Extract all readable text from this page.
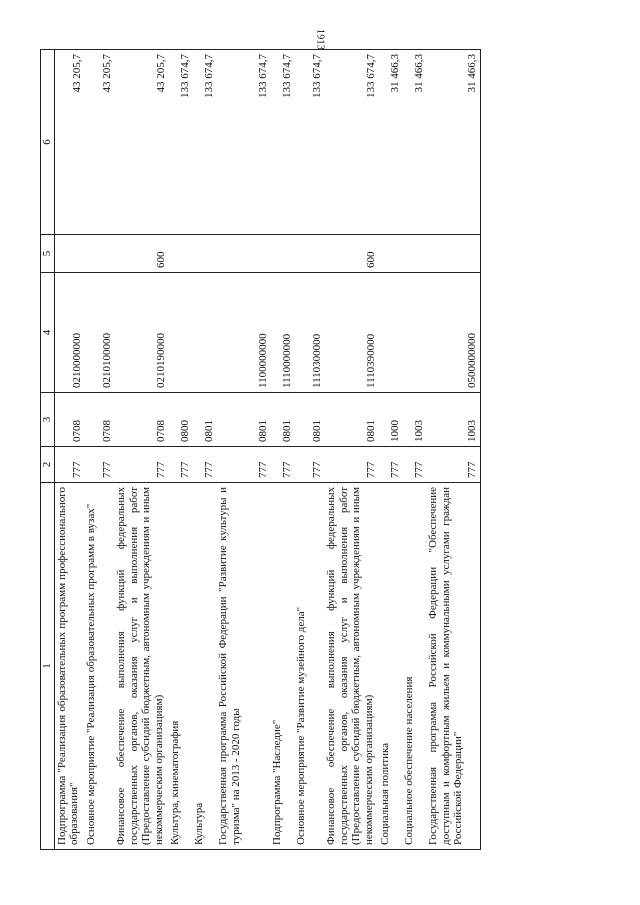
1913
1	2	3	4	5	6
Подпрограмма "Реализация образовательных программ профессионального образования"	777	0708	0210000000		43 205,7
Основное мероприятие "Реализация образовательных программ в вузах"	777	0708	0210100000		43 205,7
Финансовое обеспечение выполнения функций федеральных государственных органов, оказания услуг и выполнения работ (Предоставление субсидий бюджетным, автономным учреждениям и иным некоммерческим организациям)	777	0708	0210190000	600	43 205,7
Культура, кинематография	777	0800			133 674,7
Культура	777	0801			133 674,7
Государственная программа Российской Федерации "Развитие культуры и туризма" на 2013 - 2020 годы	777	0801	1100000000		133 674,7
Подпрограмма "Наследие"	777	0801	1110000000		133 674,7
Основное мероприятие "Развитие музейного дела"	777	0801	1110300000		133 674,7
Финансовое обеспечение выполнения функций федеральных государственных органов, оказания услуг и выполнения работ (Предоставление субсидий бюджетным, автономным учреждениям и иным некоммерческим организациям)	777	0801	1110390000	600	133 674,7
Социальная политика	777	1000			31 466,3
Социальное обеспечение населения	777	1003			31 466,3
Государственная программа Российской Федерации "Обеспечение доступным и комфортным жильем и коммунальными услугами граждан Российской Федерации"	777	1003	0500000000		31 466,3
